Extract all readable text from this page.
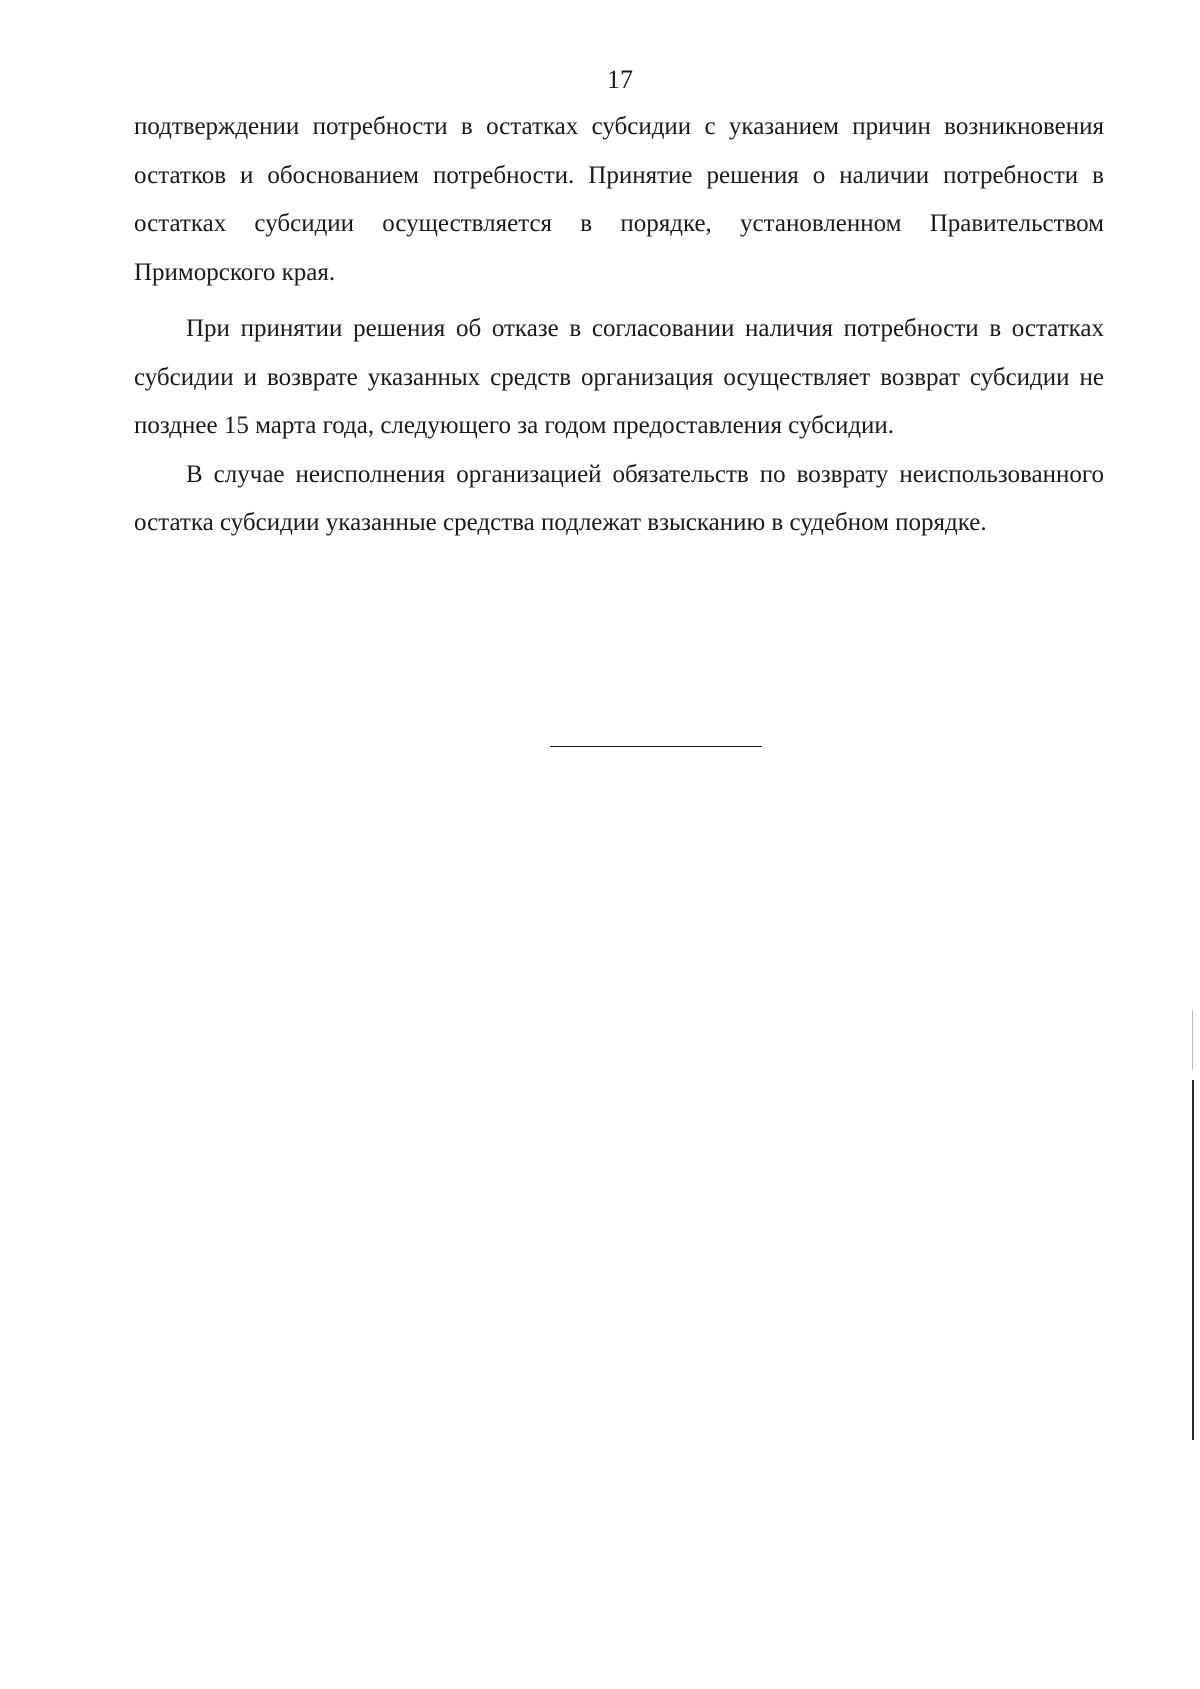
17

подтверждении потребности в остатках субсидии с указанием причин возникновения остатков и обоснованием потребности. Принятие решения о наличии потребности в остатках субсидии осуществляется в порядке, установленном Правительством Приморского края.

При принятии решения об отказе в согласовании наличия потребности в остатках субсидии и возврате указанных средств организация осуществляет возврат субсидии не позднее 15 марта года, следующего за годом предоставления субсидии.

В случае неисполнения организацией обязательств по возврату неиспользованного остатка субсидии указанные средства подлежат взысканию в судебном порядке.
